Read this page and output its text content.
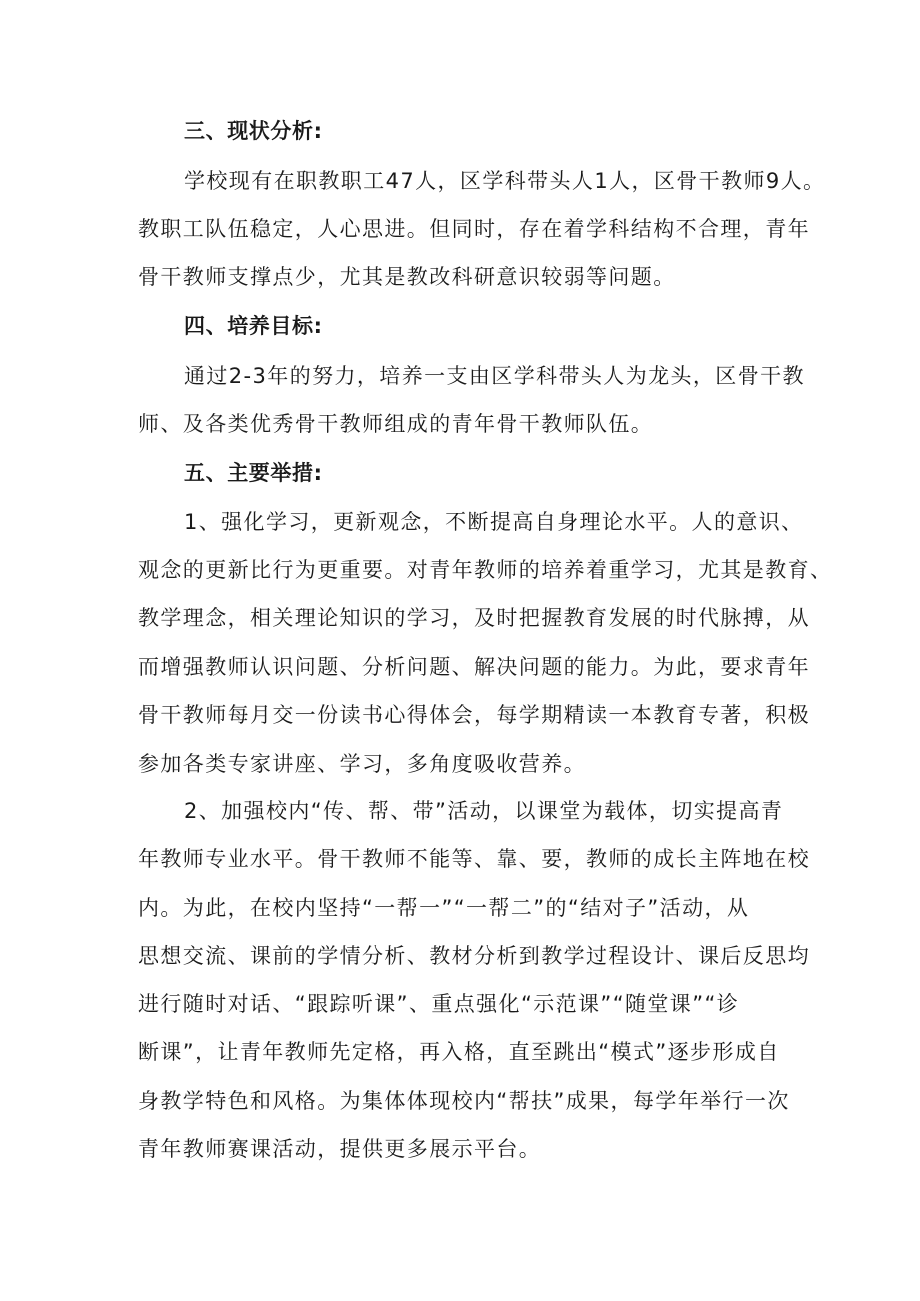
三、现状分析:
学校现有在职教职工47人，区学科带头人1人，区骨干教师9人。
教职工队伍稳定，人心思进。但同时，存在着学科结构不合理，青年
骨干教师支撑点少，尤其是教改科研意识较弱等问题。
四、培养目标:
通过2-3年的努力，培养一支由区学科带头人为龙头，区骨干教
师、及各类优秀骨干教师组成的青年骨干教师队伍。
五、主要举措:
1、强化学习，更新观念，不断提高自身理论水平。人的意识、
观念的更新比行为更重要。对青年教师的培养着重学习，尤其是教育、
教学理念，相关理论知识的学习，及时把握教育发展的时代脉搏，从
而增强教师认识问题、分析问题、解决问题的能力。为此，要求青年
骨干教师每月交一份读书心得体会，每学期精读一本教育专著，积极
参加各类专家讲座、学习，多角度吸收营养。
2、加强校内“传、帮、带”活动，以课堂为载体，切实提高青
年教师专业水平。骨干教师不能等、靠、要，教师的成长主阵地在校
内。为此，在校内坚持“一帮一”“一帮二”的“结对子”活动，从
思想交流、课前的学情分析、教材分析到教学过程设计、课后反思均
进行随时对话、“跟踪听课”、重点强化“示范课”“随堂课”“诊
断课”，让青年教师先定格，再入格，直至跳出“模式”逐步形成自
身教学特色和风格。为集体体现校内“帮扶”成果，每学年举行一次
青年教师赛课活动，提供更多展示平台。
